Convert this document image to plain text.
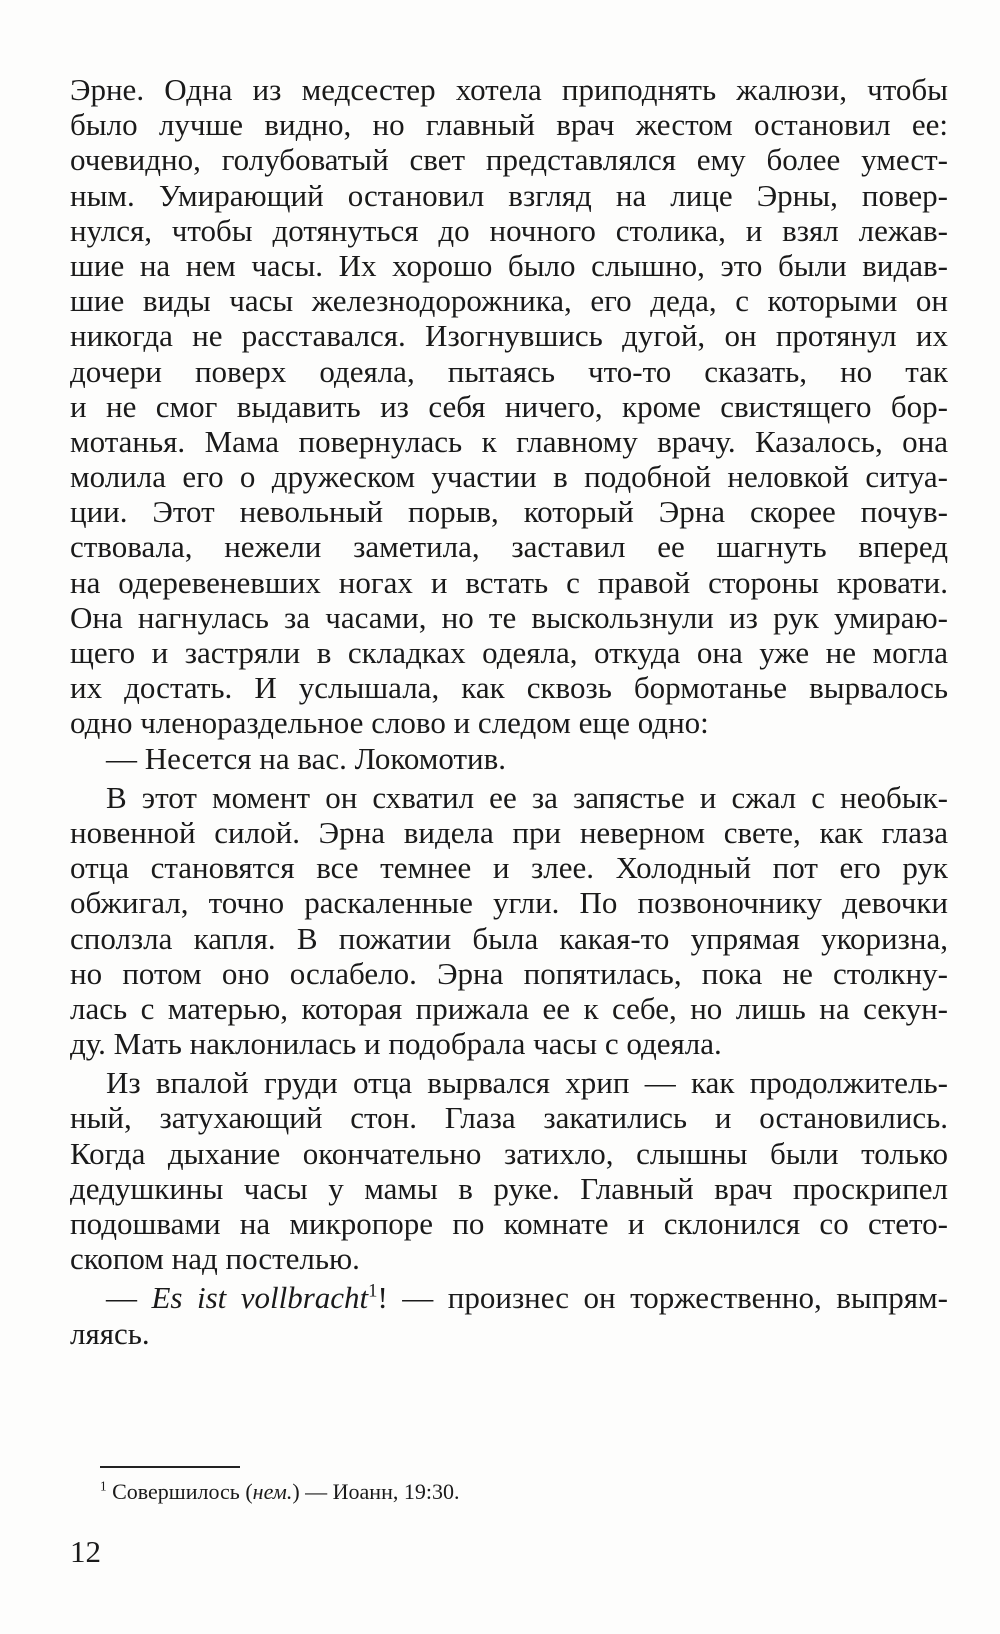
Эрне. Одна из медсестер хотела приподнять жалюзи, чтобы
было лучше видно, но главный врач жестом остановил ее:
очевидно, голубоватый свет представлялся ему более умест-
ным. Умирающий остановил взгляд на лице Эрны, повер-
нулся, чтобы дотянуться до ночного столика, и взял лежав-
шие на нем часы. Их хорошо было слышно, это были видав-
шие виды часы железнодорожника, его деда, с которыми он
никогда не расставался. Изогнувшись дугой, он протянул их
дочери поверх одеяла, пытаясь что-то сказать, но так
и не смог выдавить из себя ничего, кроме свистящего бор-
мотанья. Мама повернулась к главному врачу. Казалось, она
молила его о дружеском участии в подобной неловкой ситуа-
ции. Этот невольный порыв, который Эрна скорее почув-
ствовала, нежели заметила, заставил ее шагнуть вперед
на одеревеневших ногах и встать с правой стороны кровати.
Она нагнулась за часами, но те выскользнули из рук умираю-
щего и застряли в складках одеяла, откуда она уже не могла
их достать. И услышала, как сквозь бормотанье вырвалось
одно членораздельное слово и следом еще одно:
— Несется на вас. Локомотив.
В этот момент он схватил ее за запястье и сжал с необык-
новенной силой. Эрна видела при неверном свете, как глаза
отца становятся все темнее и злее. Холодный пот его рук
обжигал, точно раскаленные угли. По позвоночнику девочки
сползла капля. В пожатии была какая-то упрямая укоризна,
но потом оно ослабело. Эрна попятилась, пока не столкну-
лась с матерью, которая прижала ее к себе, но лишь на секун-
ду. Мать наклонилась и подобрала часы с одеяла.
Из впалой груди отца вырвался хрип — как продолжитель-
ный, затухающий стон. Глаза закатились и остановились.
Когда дыхание окончательно затихло, слышны были только
дедушкины часы у мамы в руке. Главный врач проскрипел
подошвами на микропоре по комнате и склонился со стето-
скопом над постелью.
— Es ist vollbracht$^1$! — произнес он торжественно, выпрям-
ляясь.
$^1$ Совершилось (нем.) — Иоанн, 19:30.
12
